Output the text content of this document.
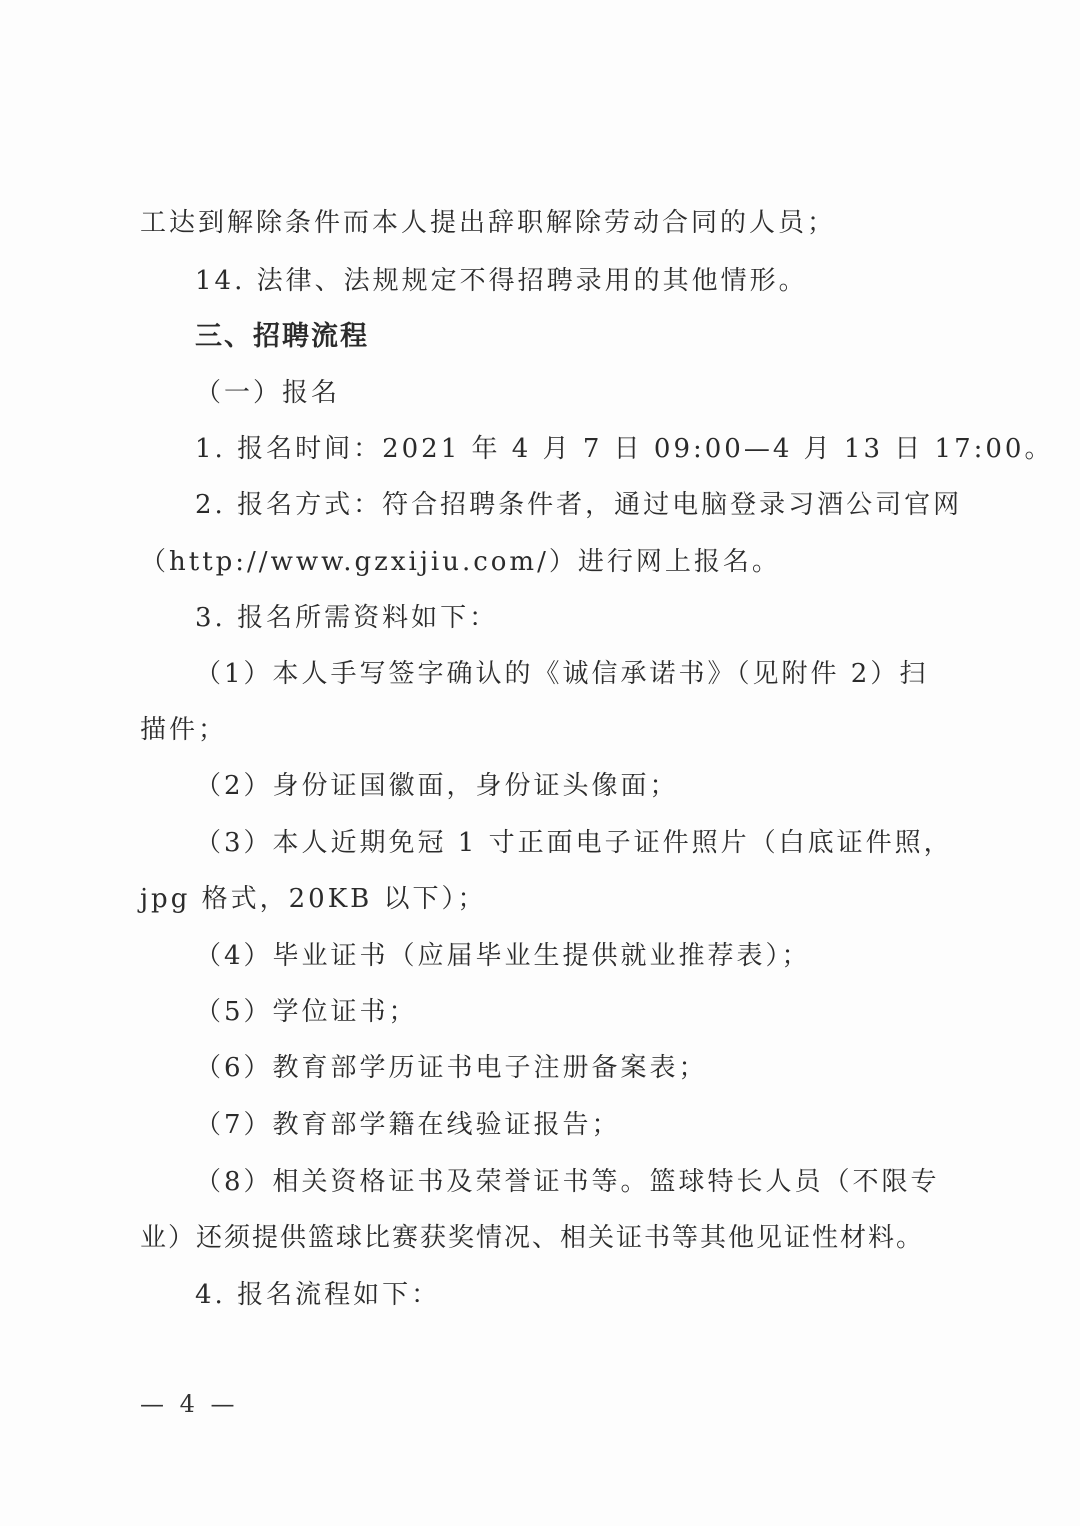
工达到解除条件而本人提出辞职解除劳动合同的人员；
14. 法律、法规规定不得招聘录用的其他情形。
三、招聘流程
（一）报名
1. 报名时间：2021 年 4 月 7 日 09:00—4 月 13 日 17:00。
2. 报名方式：符合招聘条件者，通过电脑登录习酒公司官网
（http://www.gzxijiu.com/）进行网上报名。
3. 报名所需资料如下：
（1）本人手写签字确认的《诚信承诺书》（见附件 2）扫
描件；
（2）身份证国徽面，身份证头像面；
（3）本人近期免冠 1 寸正面电子证件照片（白底证件照，
jpg 格式，20KB 以下）；
（4）毕业证书（应届毕业生提供就业推荐表）；
（5）学位证书；
（6）教育部学历证书电子注册备案表；
（7）教育部学籍在线验证报告；
（8）相关资格证书及荣誉证书等。篮球特长人员（不限专
业）还须提供篮球比赛获奖情况、相关证书等其他见证性材料。
4. 报名流程如下：
— 4 —
